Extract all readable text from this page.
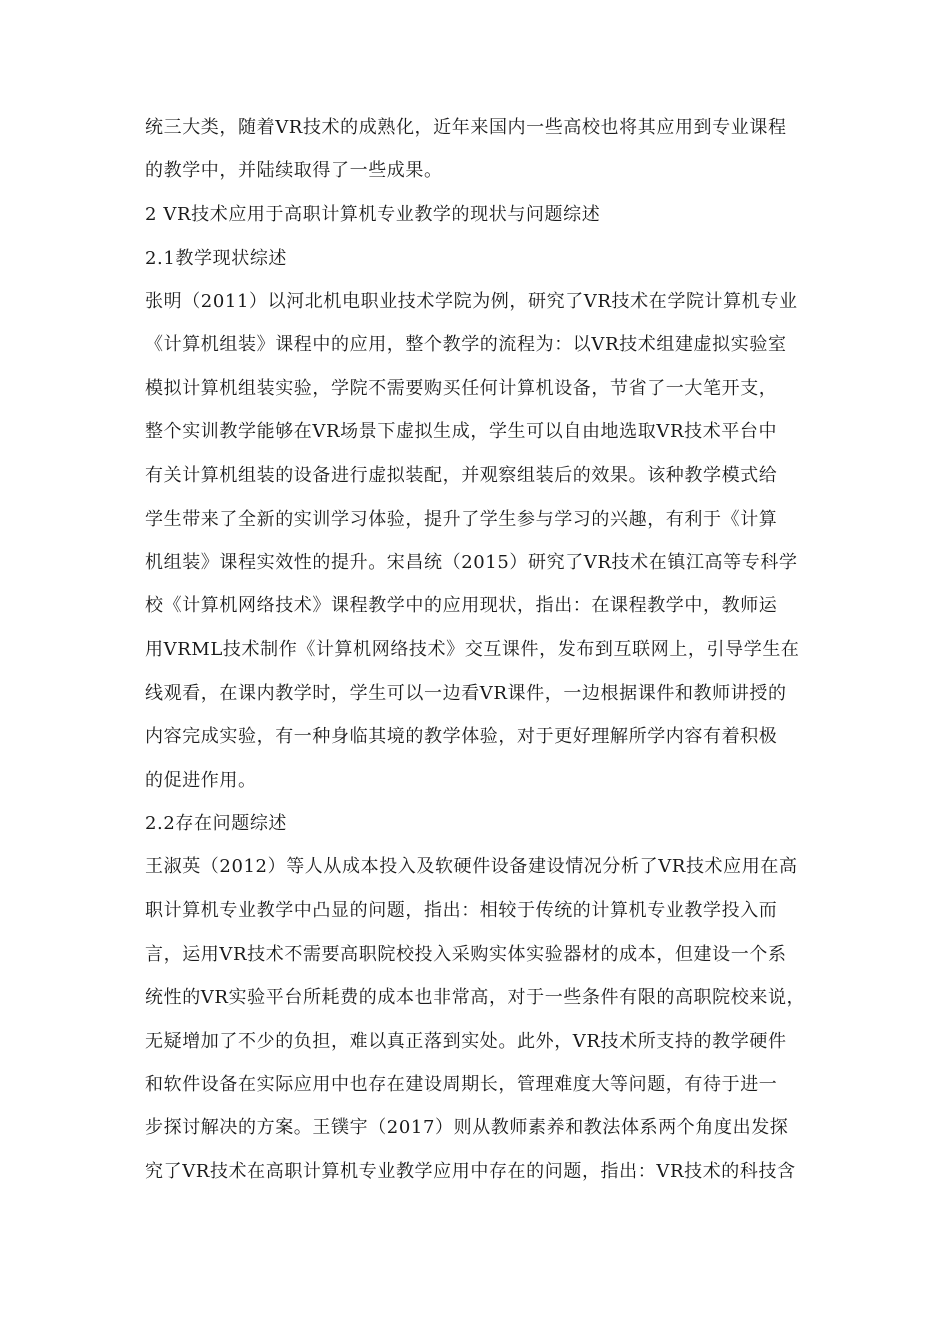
统三大类，随着VR技术的成熟化，近年来国内一些高校也将其应用到专业课程
的教学中，并陆续取得了一些成果。
2 VR技术应用于高职计算机专业教学的现状与问题综述
2.1教学现状综述
张明（2011）以河北机电职业技术学院为例，研究了VR技术在学院计算机专业
《计算机组装》课程中的应用，整个教学的流程为：以VR技术组建虚拟实验室
模拟计算机组装实验，学院不需要购买任何计算机设备，节省了一大笔开支，
整个实训教学能够在VR场景下虚拟生成，学生可以自由地选取VR技术平台中
有关计算机组装的设备进行虚拟装配，并观察组装后的效果。该种教学模式给
学生带来了全新的实训学习体验，提升了学生参与学习的兴趣，有利于《计算
机组装》课程实效性的提升。宋昌统（2015）研究了VR技术在镇江高等专科学
校《计算机网络技术》课程教学中的应用现状，指出：在课程教学中，教师运
用VRML技术制作《计算机网络技术》交互课件，发布到互联网上，引导学生在
线观看，在课内教学时，学生可以一边看VR课件，一边根据课件和教师讲授的
内容完成实验，有一种身临其境的教学体验，对于更好理解所学内容有着积极
的促进作用。
2.2存在问题综述
王淑英（2012）等人从成本投入及软硬件设备建设情况分析了VR技术应用在高
职计算机专业教学中凸显的问题，指出：相较于传统的计算机专业教学投入而
言，运用VR技术不需要高职院校投入采购实体实验器材的成本，但建设一个系
统性的VR实验平台所耗费的成本也非常高，对于一些条件有限的高职院校来说，
无疑增加了不少的负担，难以真正落到实处。此外，VR技术所支持的教学硬件
和软件设备在实际应用中也存在建设周期长，管理难度大等问题，有待于进一
步探讨解决的方案。王镤宇（2017）则从教师素养和教法体系两个角度出发探
究了VR技术在高职计算机专业教学应用中存在的问题，指出：VR技术的科技含
